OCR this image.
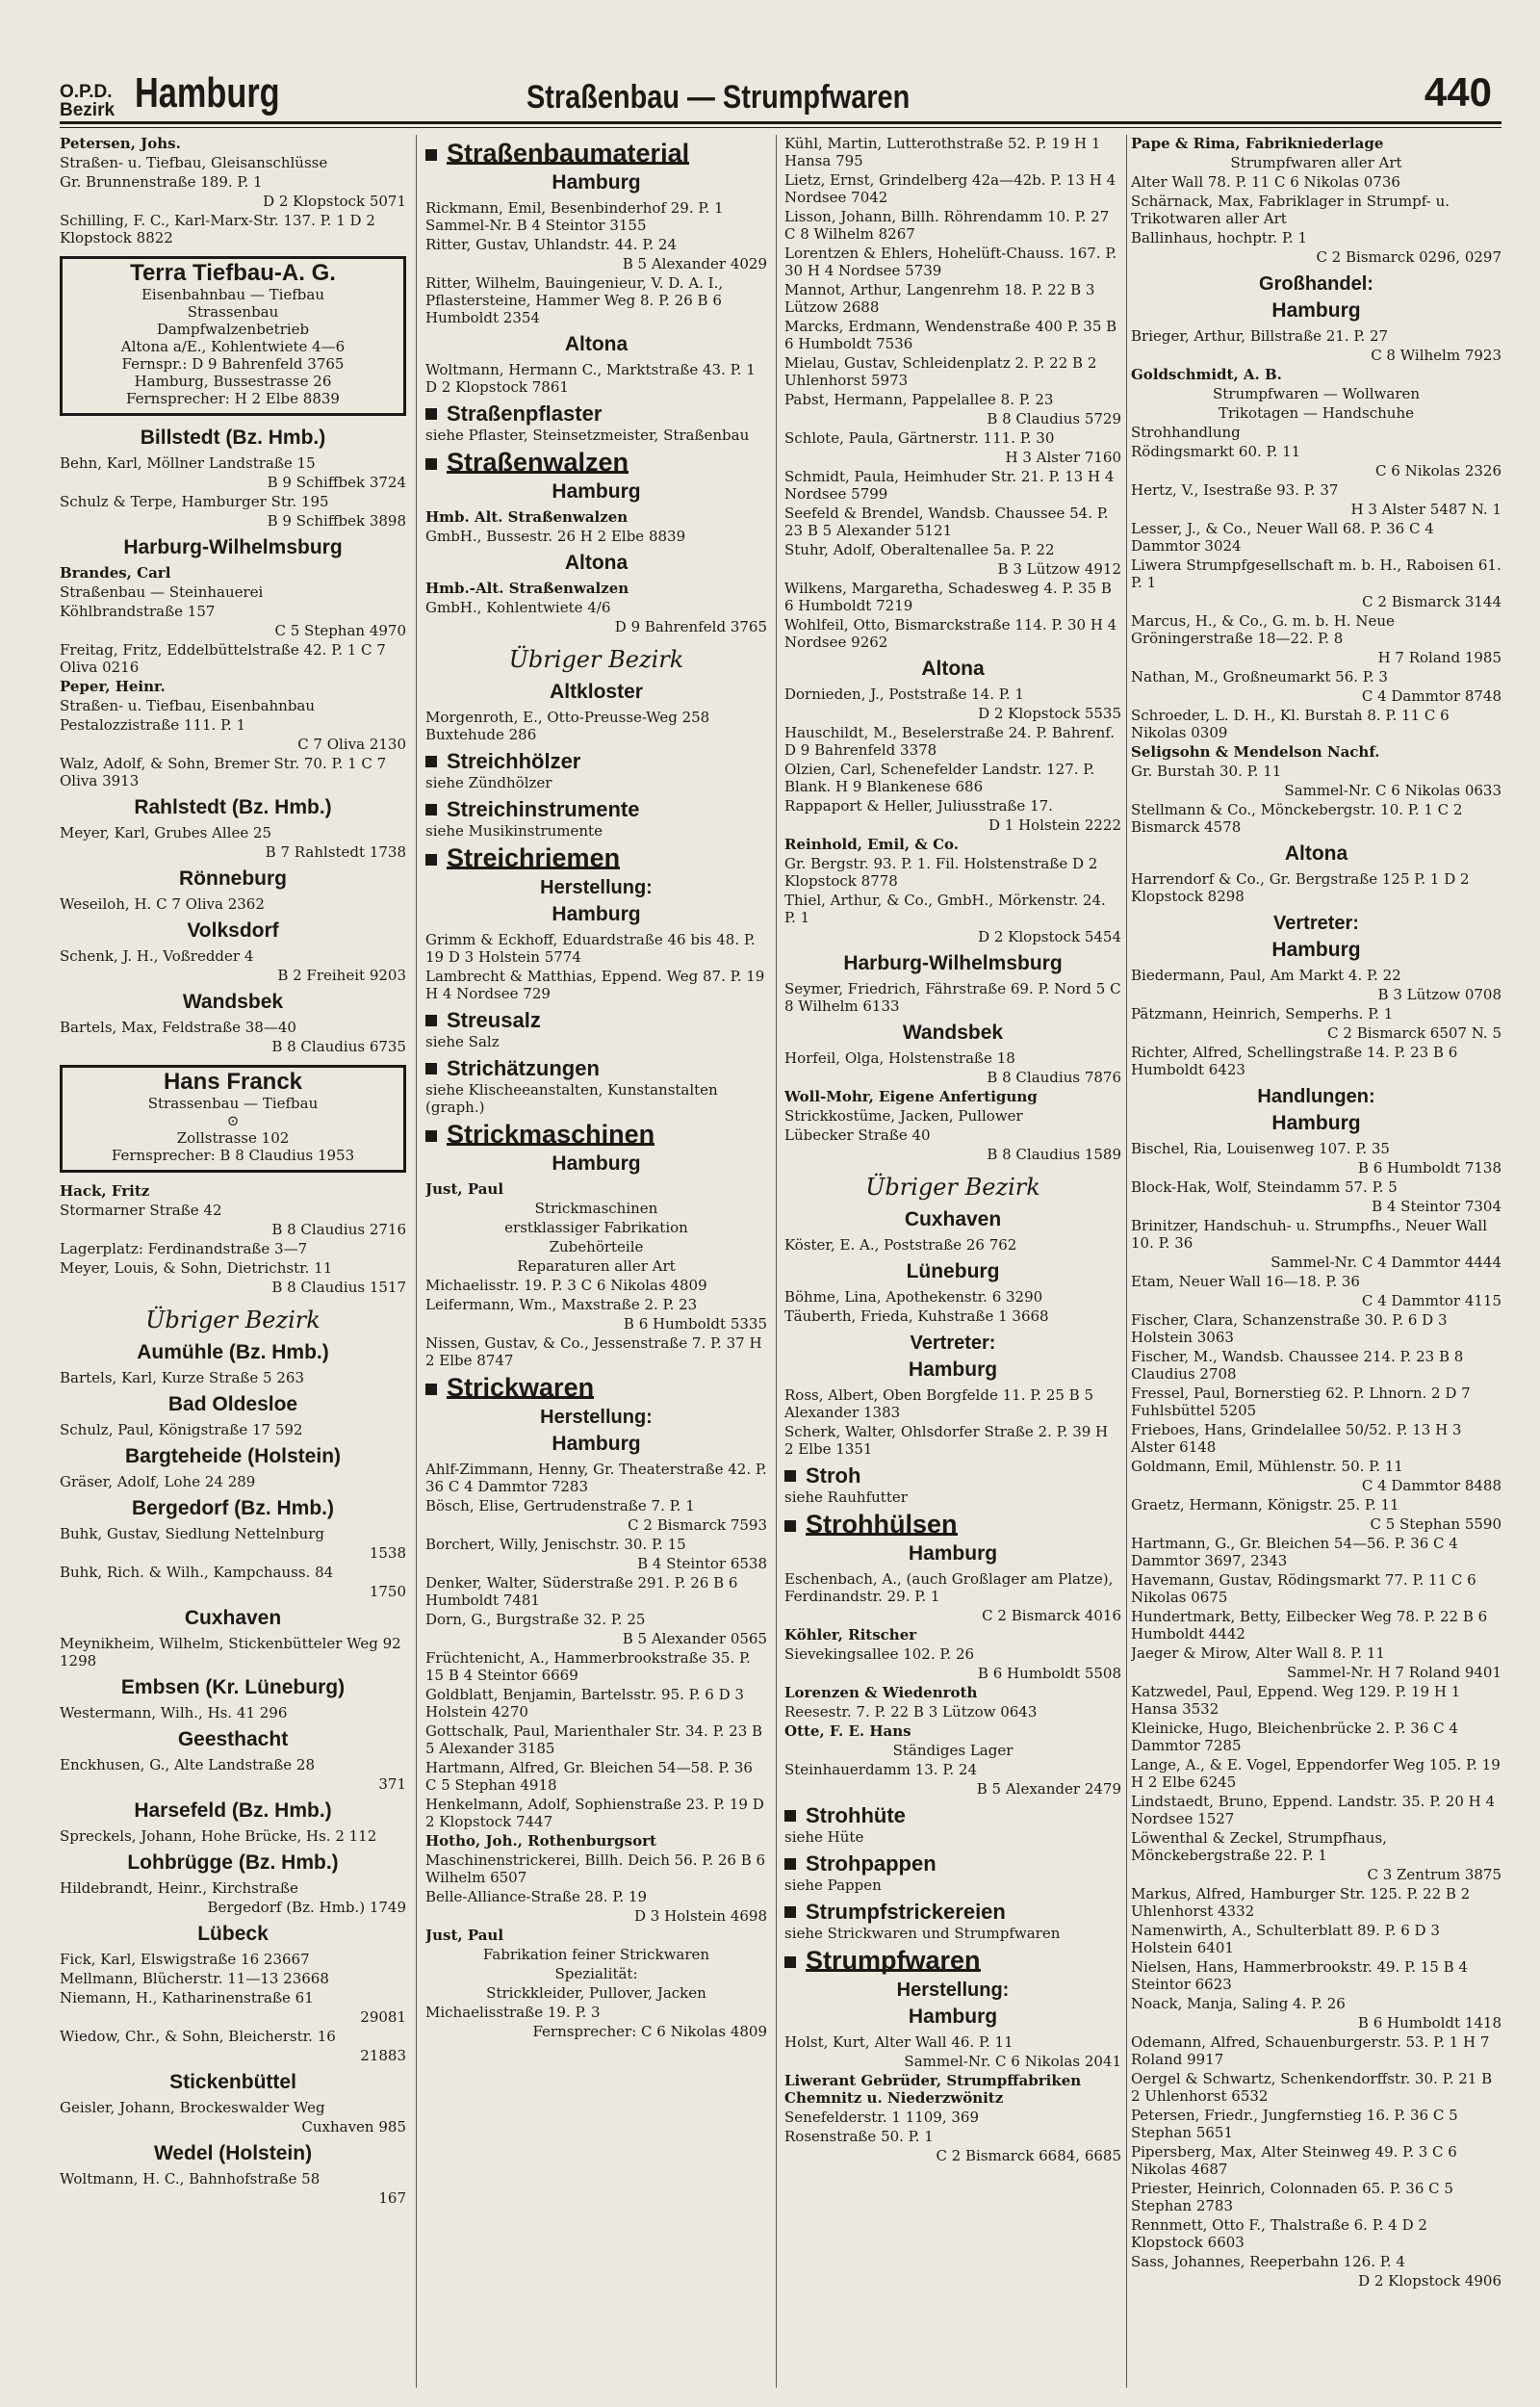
O.P.D.
Bezirk Hamburg	Straßenbau — Strumpfwaren	440
Petersen, Johs.
Straßen- u. Tiefbau, Gleisanschlüsse
Gr. Brunnenstraße 189. P. 1
D 2 Klopstock 5071
Schilling, F. C., Karl-Marx-Str. 137. P. 1 D 2 Klopstock 8822
Terra Tiefbau-A. G.
Eisenbahnbau — Tiefbau
Strassenbau
Dampfwalzenbetrieb
Altona a/E., Kohlentwiete 4—6
Fernspr.: D 9 Bahrenfeld 3765
Hamburg, Bussestrasse 26
Fernsprecher: H 2 Elbe 8839
Billstedt (Bz. Hmb.)
Behn, Karl, Möllner Landstraße 15
B 9 Schiffbek 3724
Schulz & Terpe, Hamburger Str. 195
B 9 Schiffbek 3898
Harburg-Wilhelmsburg
Brandes, Carl
Straßenbau — Steinhauerei
Köhlbrandstraße 157
C 5 Stephan 4970
Freitag, Fritz, Eddelbüttelstraße 42. P. 1 C 7 Oliva 0216
Peper, Heinr.
Straßen- u. Tiefbau, Eisenbahnbau
Pestalozzistraße 111. P. 1
C 7 Oliva 2130
Walz, Adolf, & Sohn, Bremer Str. 70. P. 1 C 7 Oliva 3913
Rahlstedt (Bz. Hmb.)
Meyer, Karl, Grubes Allee 25
B 7 Rahlstedt 1738
Rönneburg
Weseiloh, H. C 7 Oliva 2362
Volksdorf
Schenk, J. H., Voßredder 4
B 2 Freiheit 9203
Wandsbek
Bartels, Max, Feldstraße 38—40
B 8 Claudius 6735
Hans Franck
Strassenbau — Tiefbau
⊙
Zollstrasse 102
Fernsprecher: B 8 Claudius 1953
Hack, Fritz
Stormarner Straße 42
B 8 Claudius 2716
Lagerplatz: Ferdinandstraße 3—7
Meyer, Louis, & Sohn, Dietrichstr. 11
B 8 Claudius 1517
Übriger Bezirk
Aumühle (Bz. Hmb.)
Bartels, Karl, Kurze Straße 5 263
Bad Oldesloe
Schulz, Paul, Königstraße 17 592
Bargteheide (Holstein)
Gräser, Adolf, Lohe 24 289
Bergedorf (Bz. Hmb.)
Buhk, Gustav, Siedlung Nettelnburg
1538
Buhk, Rich. & Wilh., Kampchauss. 84
1750
Cuxhaven
Meynikheim, Wilhelm, Stickenbütteler Weg 92 1298
Embsen (Kr. Lüneburg)
Westermann, Wilh., Hs. 41 296
Geesthacht
Enckhusen, G., Alte Landstraße 28
371
Harsefeld (Bz. Hmb.)
Spreckels, Johann, Hohe Brücke, Hs. 2 112
Lohbrügge (Bz. Hmb.)
Hildebrandt, Heinr., Kirchstraße
Bergedorf (Bz. Hmb.) 1749
Lübeck
Fick, Karl, Elswigstraße 16 23667
Mellmann, Blücherstr. 11—13 23668
Niemann, H., Katharinenstraße 61
29081
Wiedow, Chr., & Sohn, Bleicherstr. 16
21883
Stickenbüttel
Geisler, Johann, Brockeswalder Weg
Cuxhaven 985
Wedel (Holstein)
Woltmann, H. C., Bahnhofstraße 58
167
Straßenbaumaterial
Hamburg
Rickmann, Emil, Besenbinderhof 29. P. 1 Sammel-Nr. B 4 Steintor 3155
Ritter, Gustav, Uhlandstr. 44. P. 24
B 5 Alexander 4029
Ritter, Wilhelm, Bauingenieur, V. D. A. I., Pflastersteine, Hammer Weg 8. P. 26 B 6 Humboldt 2354
Altona
Woltmann, Hermann C., Marktstraße 43. P. 1 D 2 Klopstock 7861
Straßenpflaster
siehe Pflaster, Steinsetzmeister, Straßenbau
Straßenwalzen
Hamburg
Hmb. Alt. Straßenwalzen
GmbH., Bussestr. 26 H 2 Elbe 8839
Altona
Hmb.-Alt. Straßenwalzen
GmbH., Kohlentwiete 4/6
D 9 Bahrenfeld 3765
Übriger Bezirk
Altkloster
Morgenroth, E., Otto-Preusse-Weg 258 Buxtehude 286
Streichhölzer
siehe Zündhölzer
Streichinstrumente
siehe Musikinstrumente
Streichriemen
Herstellung:
Hamburg
Grimm & Eckhoff, Eduardstraße 46 bis 48. P. 19 D 3 Holstein 5774
Lambrecht & Matthias, Eppend. Weg 87. P. 19 H 4 Nordsee 729
Streusalz
siehe Salz
Strichätzungen
siehe Klischeeanstalten, Kunstanstalten (graph.)
Strickmaschinen
Hamburg
Just, Paul
Strickmaschinen
erstklassiger Fabrikation
Zubehörteile
Reparaturen aller Art
Michaelisstr. 19. P. 3 C 6 Nikolas 4809
Leifermann, Wm., Maxstraße 2. P. 23
B 6 Humboldt 5335
Nissen, Gustav, & Co., Jessenstraße 7. P. 37 H 2 Elbe 8747
Strickwaren
Herstellung:
Hamburg
Ahlf-Zimmann, Henny, Gr. Theaterstraße 42. P. 36 C 4 Dammtor 7283
Bösch, Elise, Gertrudenstraße 7. P. 1
C 2 Bismarck 7593
Borchert, Willy, Jenischstr. 30. P. 15
B 4 Steintor 6538
Denker, Walter, Süderstraße 291. P. 26 B 6 Humboldt 7481
Dorn, G., Burgstraße 32. P. 25
B 5 Alexander 0565
Früchtenicht, A., Hammerbrookstraße 35. P. 15 B 4 Steintor 6669
Goldblatt, Benjamin, Bartelsstr. 95. P. 6 D 3 Holstein 4270
Gottschalk, Paul, Marienthaler Str. 34. P. 23 B 5 Alexander 3185
Hartmann, Alfred, Gr. Bleichen 54—58. P. 36 C 5 Stephan 4918
Henkelmann, Adolf, Sophienstraße 23. P. 19 D 2 Klopstock 7447
Hotho, Joh., Rothenburgsort
Maschinenstrickerei, Billh. Deich 56. P. 26 B 6 Wilhelm 6507
Belle-Alliance-Straße 28. P. 19
D 3 Holstein 4698
Just, Paul
Fabrikation feiner Strickwaren
Spezialität:
Strickkleider, Pullover, Jacken
Michaelisstraße 19. P. 3
Fernsprecher: C 6 Nikolas 4809
Kühl, Martin, Lutterothstraße 52. P. 19 H 1 Hansa 795
Lietz, Ernst, Grindelberg 42a—42b. P. 13 H 4 Nordsee 7042
Lisson, Johann, Billh. Röhrendamm 10. P. 27 C 8 Wilhelm 8267
Lorentzen & Ehlers, Hohelüft-Chauss. 167. P. 30 H 4 Nordsee 5739
Mannot, Arthur, Langenrehm 18. P. 22 B 3 Lützow 2688
Marcks, Erdmann, Wendenstraße 400 P. 35 B 6 Humboldt 7536
Mielau, Gustav, Schleidenplatz 2. P. 22 B 2 Uhlenhorst 5973
Pabst, Hermann, Pappelallee 8. P. 23
B 8 Claudius 5729
Schlote, Paula, Gärtnerstr. 111. P. 30
H 3 Alster 7160
Schmidt, Paula, Heimhuder Str. 21. P. 13 H 4 Nordsee 5799
Seefeld & Brendel, Wandsb. Chaussee 54. P. 23 B 5 Alexander 5121
Stuhr, Adolf, Oberaltenallee 5a. P. 22
B 3 Lützow 4912
Wilkens, Margaretha, Schadesweg 4. P. 35 B 6 Humboldt 7219
Wohlfeil, Otto, Bismarckstraße 114. P. 30 H 4 Nordsee 9262
Altona
Dornieden, J., Poststraße 14. P. 1
D 2 Klopstock 5535
Hauschildt, M., Beselerstraße 24. P. Bahrenf. D 9 Bahrenfeld 3378
Olzien, Carl, Schenefelder Landstr. 127. P. Blank. H 9 Blankenese 686
Rappaport & Heller, Juliusstraße 17.
D 1 Holstein 2222
Reinhold, Emil, & Co.
Gr. Bergstr. 93. P. 1. Fil. Holstenstraße D 2 Klopstock 8778
Thiel, Arthur, & Co., GmbH., Mörkenstr. 24. P. 1
D 2 Klopstock 5454
Harburg-Wilhelmsburg
Seymer, Friedrich, Fährstraße 69. P. Nord 5 C 8 Wilhelm 6133
Wandsbek
Horfeil, Olga, Holstenstraße 18
B 8 Claudius 7876
Woll-Mohr, Eigene Anfertigung
Strickkostüme, Jacken, Pullower
Lübecker Straße 40
B 8 Claudius 1589
Übriger Bezirk
Cuxhaven
Köster, E. A., Poststraße 26 762
Lüneburg
Böhme, Lina, Apothekenstr. 6 3290
Täuberth, Frieda, Kuhstraße 1 3668
Vertreter:
Hamburg
Ross, Albert, Oben Borgfelde 11. P. 25 B 5 Alexander 1383
Scherk, Walter, Ohlsdorfer Straße 2. P. 39 H 2 Elbe 1351
Stroh
siehe Rauhfutter
Strohhülsen
Hamburg
Eschenbach, A., (auch Großlager am Platze), Ferdinandstr. 29. P. 1
C 2 Bismarck 4016
Köhler, Ritscher
Sievekingsallee 102. P. 26
B 6 Humboldt 5508
Lorenzen & Wiedenroth
Reesestr. 7. P. 22 B 3 Lützow 0643
Otte, F. E. Hans
Ständiges Lager
Steinhauerdamm 13. P. 24
B 5 Alexander 2479
Strohhüte
siehe Hüte
Strohpappen
siehe Pappen
Strumpfstrickereien
siehe Strickwaren und Strumpfwaren
Strumpfwaren
Herstellung:
Hamburg
Holst, Kurt, Alter Wall 46. P. 11
Sammel-Nr. C 6 Nikolas 2041
Liwerant Gebrüder, Strumpffabriken Chemnitz u. Niederzwönitz
Senefelderstr. 1 1109, 369
Rosenstraße 50. P. 1
C 2 Bismarck 6684, 6685
Pape & Rima, Fabrikniederlage
Strumpfwaren aller Art
Alter Wall 78. P. 11 C 6 Nikolas 0736
Schärnack, Max, Fabriklager in Strumpf- u. Trikotwaren aller Art
Ballinhaus, hochptr. P. 1
C 2 Bismarck 0296, 0297
Großhandel:
Hamburg
Brieger, Arthur, Billstraße 21. P. 27
C 8 Wilhelm 7923
Goldschmidt, A. B.
Strumpfwaren — Wollwaren
Trikotagen — Handschuhe
Strohhandlung
Rödingsmarkt 60. P. 11
C 6 Nikolas 2326
Hertz, V., Isestraße 93. P. 37
H 3 Alster 5487 N. 1
Lesser, J., & Co., Neuer Wall 68. P. 36 C 4 Dammtor 3024
Liwera Strumpfgesellschaft m. b. H., Raboisen 61. P. 1
C 2 Bismarck 3144
Marcus, H., & Co., G. m. b. H. Neue Gröningerstraße 18—22. P. 8
H 7 Roland 1985
Nathan, M., Großneumarkt 56. P. 3
C 4 Dammtor 8748
Schroeder, L. D. H., Kl. Burstah 8. P. 11 C 6 Nikolas 0309
Seligsohn & Mendelson Nachf.
Gr. Burstah 30. P. 11
Sammel-Nr. C 6 Nikolas 0633
Stellmann & Co., Mönckebergstr. 10. P. 1 C 2 Bismarck 4578
Altona
Harrendorf & Co., Gr. Bergstraße 125 P. 1 D 2 Klopstock 8298
Vertreter:
Hamburg
Biedermann, Paul, Am Markt 4. P. 22
B 3 Lützow 0708
Pätzmann, Heinrich, Semperhs. P. 1
C 2 Bismarck 6507 N. 5
Richter, Alfred, Schellingstraße 14. P. 23 B 6 Humboldt 6423
Handlungen:
Hamburg
Bischel, Ria, Louisenweg 107. P. 35
B 6 Humboldt 7138
Block-Hak, Wolf, Steindamm 57. P. 5
B 4 Steintor 7304
Brinitzer, Handschuh- u. Strumpfhs., Neuer Wall 10. P. 36
Sammel-Nr. C 4 Dammtor 4444
Etam, Neuer Wall 16—18. P. 36
C 4 Dammtor 4115
Fischer, Clara, Schanzenstraße 30. P. 6 D 3 Holstein 3063
Fischer, M., Wandsb. Chaussee 214. P. 23 B 8 Claudius 2708
Fressel, Paul, Bornerstieg 62. P. Lhnorn. 2 D 7 Fuhlsbüttel 5205
Frieboes, Hans, Grindelallee 50/52. P. 13 H 3 Alster 6148
Goldmann, Emil, Mühlenstr. 50. P. 11
C 4 Dammtor 8488
Graetz, Hermann, Königstr. 25. P. 11
C 5 Stephan 5590
Hartmann, G., Gr. Bleichen 54—56. P. 36 C 4 Dammtor 3697, 2343
Havemann, Gustav, Rödingsmarkt 77. P. 11 C 6 Nikolas 0675
Hundertmark, Betty, Eilbecker Weg 78. P. 22 B 6 Humboldt 4442
Jaeger & Mirow, Alter Wall 8. P. 11
Sammel-Nr. H 7 Roland 9401
Katzwedel, Paul, Eppend. Weg 129. P. 19 H 1 Hansa 3532
Kleinicke, Hugo, Bleichenbrücke 2. P. 36 C 4 Dammtor 7285
Lange, A., & E. Vogel, Eppendorfer Weg 105. P. 19 H 2 Elbe 6245
Lindstaedt, Bruno, Eppend. Landstr. 35. P. 20 H 4 Nordsee 1527
Löwenthal & Zeckel, Strumpfhaus, Mönckebergstraße 22. P. 1
C 3 Zentrum 3875
Markus, Alfred, Hamburger Str. 125. P. 22 B 2 Uhlenhorst 4332
Namenwirth, A., Schulterblatt 89. P. 6 D 3 Holstein 6401
Nielsen, Hans, Hammerbrookstr. 49. P. 15 B 4 Steintor 6623
Noack, Manja, Saling 4. P. 26
B 6 Humboldt 1418
Odemann, Alfred, Schauenburgerstr. 53. P. 1 H 7 Roland 9917
Oergel & Schwartz, Schenkendorffstr. 30. P. 21 B 2 Uhlenhorst 6532
Petersen, Friedr., Jungfernstieg 16. P. 36 C 5 Stephan 5651
Pipersberg, Max, Alter Steinweg 49. P. 3 C 6 Nikolas 4687
Priester, Heinrich, Colonnaden 65. P. 36 C 5 Stephan 2783
Rennmett, Otto F., Thalstraße 6. P. 4 D 2 Klopstock 6603
Sass, Johannes, Reeperbahn 126. P. 4
D 2 Klopstock 4906
